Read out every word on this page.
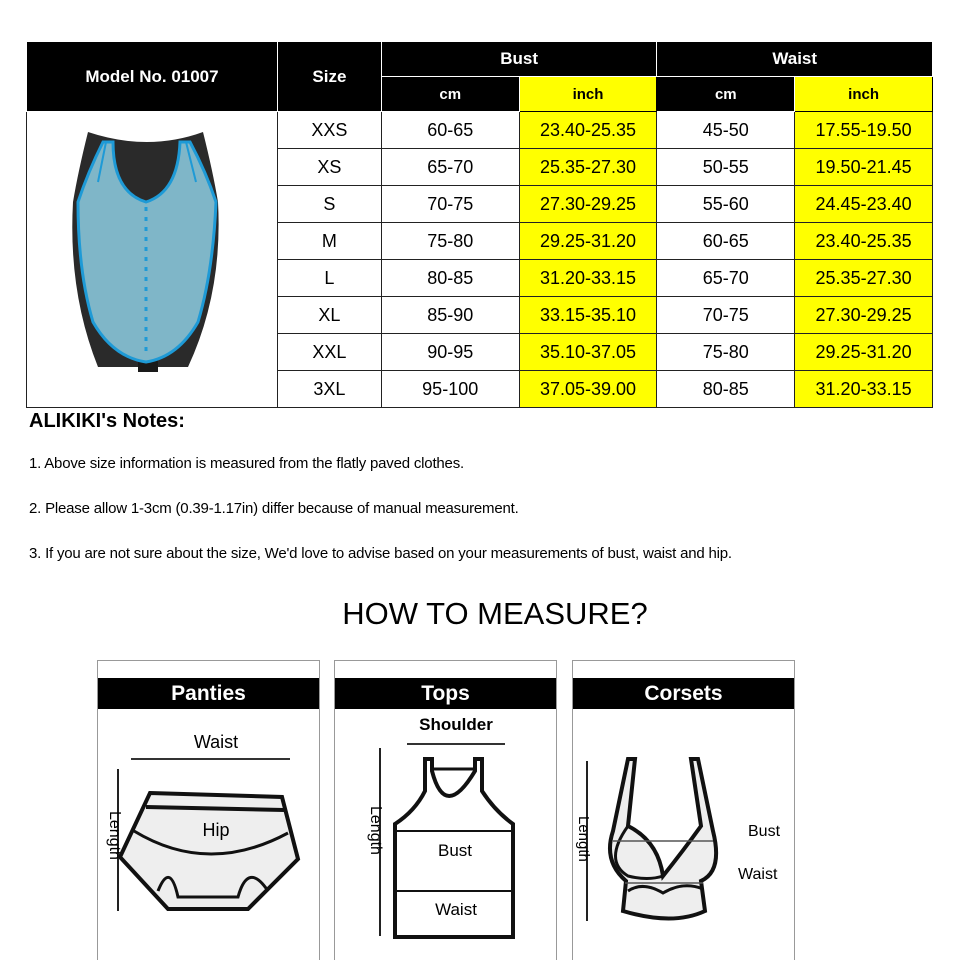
Model No. 01007	Size	Bust		Waist	
		cm	inch	cm	inch
	XXS	60-65	23.40-25.35	45-50	17.55-19.50
	XS	65-70	25.35-27.30	50-55	19.50-21.45
	S	70-75	27.30-29.25	55-60	24.45-23.40
	M	75-80	29.25-31.20	60-65	23.40-25.35
	L	80-85	31.20-33.15	65-70	25.35-27.30
	XL	85-90	33.15-35.10	70-75	27.30-29.25
	XXL	90-95	35.10-37.05	75-80	29.25-31.20
	3XL	95-100	37.05-39.00	80-85	31.20-33.15
ALIKIKI's Notes:
1. Above size information is measured from the flatly paved clothes.
2. Please allow 1-3cm (0.39-1.17in) differ because of manual measurement.
3. If you are not sure about the size, We'd love to advise based on your measurements of bust, waist and hip.
HOW TO MEASURE?
Panties
Waist
Length	Hip
Tops
Shoulder
Length	Bust
Waist
Corsets
Length	Bust
Waist
